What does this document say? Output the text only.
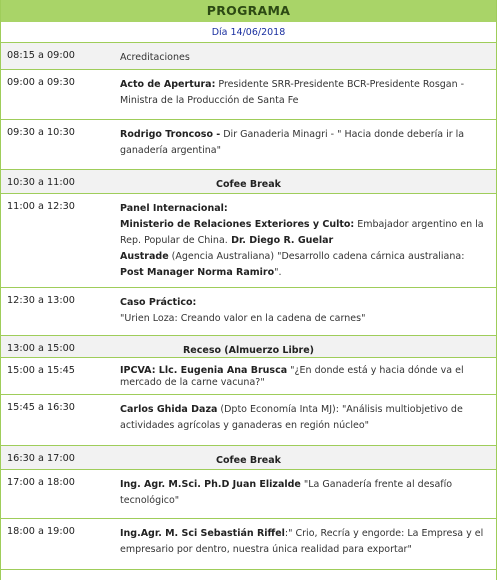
PROGRAMA
Día 14/06/2018
08:15 a 09:00	Acreditaciones
09:00 a 09:30	Acto de Apertura: Presidente SRR-Presidente BCR-Presidente Rosgan - Ministra de la Producción de Santa Fe
09:30 a 10:30	Rodrigo Troncoso - Dir Ganaderia Minagri - " Hacia donde debería ir la ganadería argentina"
10:30 a 11:00	Cofee Break
11:00 a 12:30	Panel Internacional:
Ministerio de Relaciones Exteriores y Culto: Embajador argentino en la Rep. Popular de China. Dr. Diego R. Guelar
Austrade (Agencia Australiana) "Desarrollo cadena cárnica australiana: Post Manager Norma Ramiro".
12:30 a 13:00	Caso Práctico:
"Urien Loza: Creando valor en la cadena de carnes"
13:00 a 15:00	Receso (Almuerzo Libre)
15:00 a 15:45	IPCVA: Llc. Eugenia Ana Brusca "¿En donde está y hacia dónde va el mercado de la carne vacuna?"
15:45 a 16:30	Carlos Ghida Daza (Dpto Economía Inta MJ): "Análisis multiobjetivo de actividades agrícolas y ganaderas en región núcleo"
16:30 a 17:00	Cofee Break
17:00 a 18:00	Ing. Agr. M.Sci. Ph.D Juan Elizalde "La Ganadería frente al desafío tecnológico"
18:00 a 19:00	Ing.Agr. M. Sci Sebastián Riffel:" Crio, Recría y engorde: La Empresa y el empresario por dentro, nuestra única realidad para exportar"
